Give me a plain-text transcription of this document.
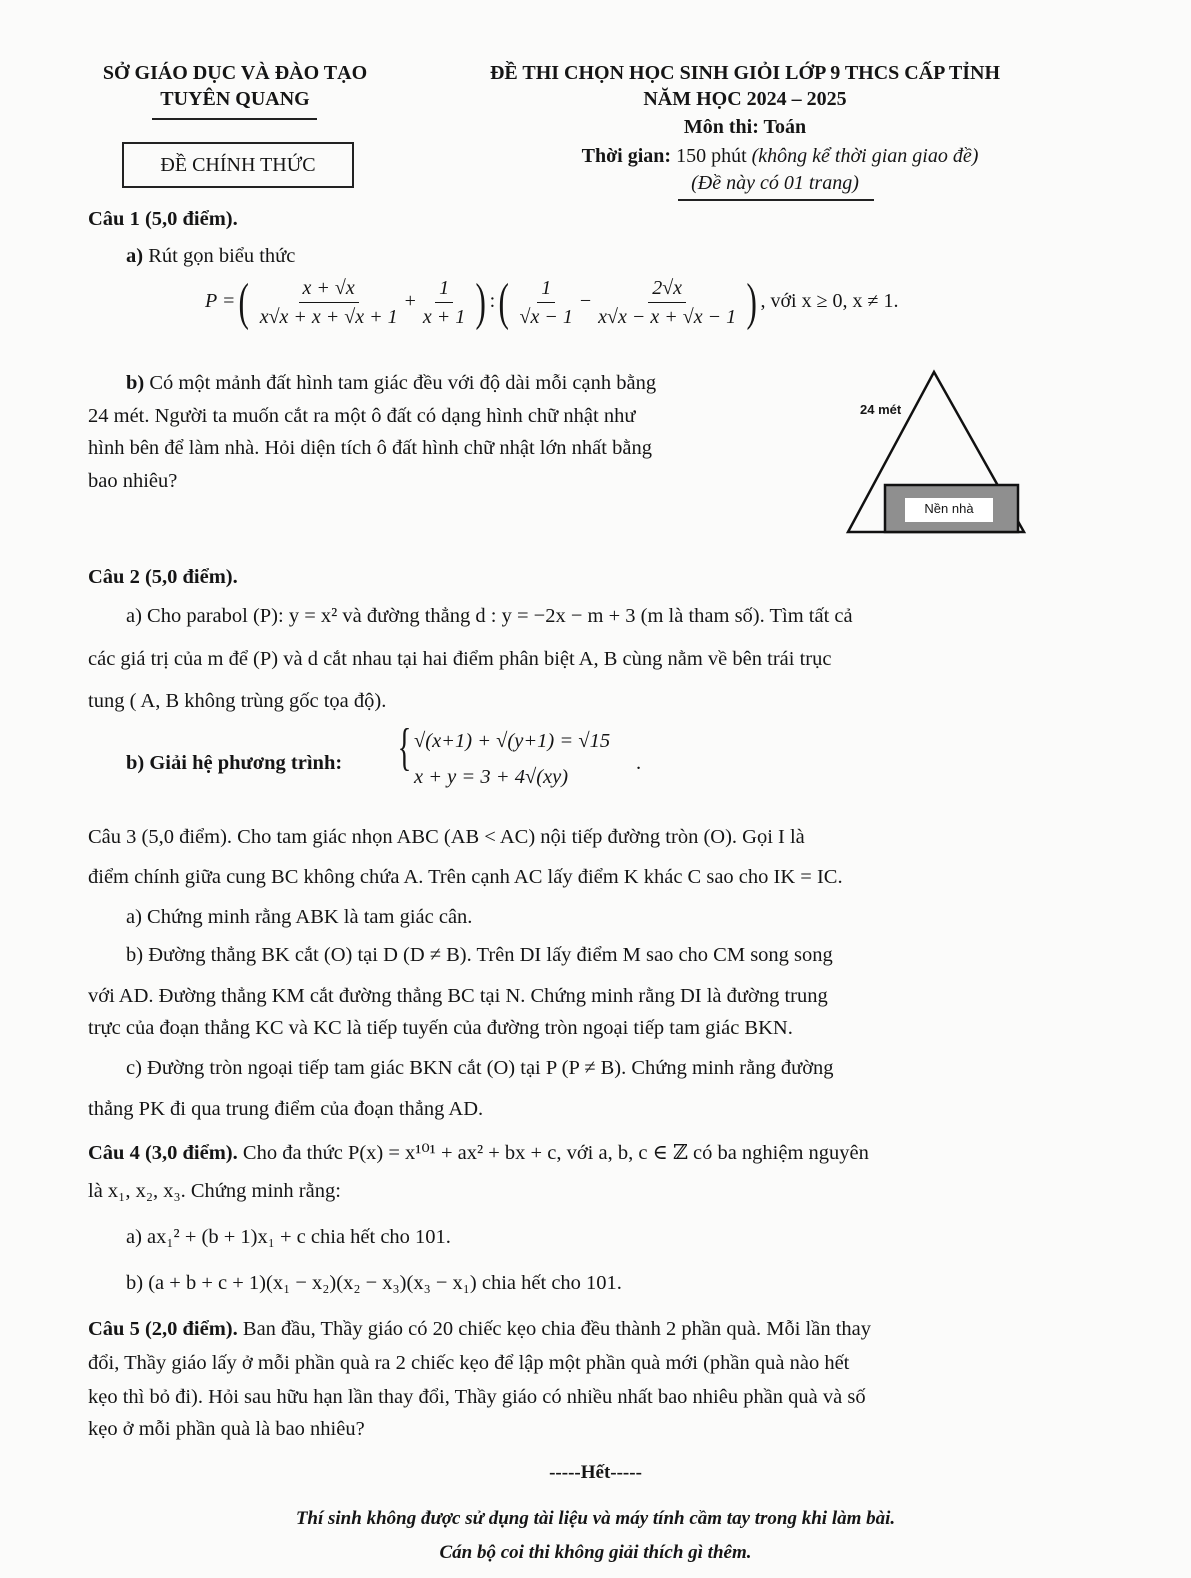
SỞ GIÁO DỤC VÀ ĐÀO TẠO
TUYÊN QUANG
ĐỀ CHÍNH THỨC
ĐỀ THI CHỌN HỌC SINH GIỎI LỚP 9 THCS CẤP TỈNH
NĂM HỌC 2024 – 2025
Môn thi: Toán
Thời gian: 150 phút (không kể thời gian giao đề)
(Đề này có 01 trang)
Câu 1 (5,0 điểm).
a) Rút gọn biểu thức
P =( $\frac{x + √x}{x√x + x + √x + 1} + \frac{1}{x + 1}$ ) :( $\frac{1}{√x - 1} - \frac{2√x}{x√x - x + √x - 1}$ ) , với x ≥ 0, x ≠ 1.
b) Có một mảnh đất hình tam giác đều với độ dài mỗi cạnh bằng
24 mét. Người ta muốn cắt ra một ô đất có dạng hình chữ nhật như
hình bên để làm nhà. Hỏi diện tích ô đất hình chữ nhật lớn nhất bằng
bao nhiêu?
24 mét
Nền nhà
Câu 2 (5,0 điểm).
a) Cho parabol (P): y = x² và đường thẳng d : y = −2x − m + 3 (m là tham số). Tìm tất cả
các giá trị của m để (P) và d cắt nhau tại hai điểm phân biệt A, B cùng nằm về bên trái trục
tung ( A, B không trùng gốc tọa độ).
b) Giải hệ phương trình: { √(x+1) + √(y+1) = √15
x + y = 3 + 4√(xy)
.
Câu 3 (5,0 điểm). Cho tam giác nhọn ABC (AB < AC) nội tiếp đường tròn (O). Gọi I là
điểm chính giữa cung BC không chứa A. Trên cạnh AC lấy điểm K khác C sao cho IK = IC.
a) Chứng minh rằng ABK là tam giác cân.
b) Đường thẳng BK cắt (O) tại D (D ≠ B). Trên DI lấy điểm M sao cho CM song song
với AD. Đường thẳng KM cắt đường thẳng BC tại N. Chứng minh rằng DI là đường trung
trực của đoạn thẳng KC và KC là tiếp tuyến của đường tròn ngoại tiếp tam giác BKN.
c) Đường tròn ngoại tiếp tam giác BKN cắt (O) tại P (P ≠ B). Chứng minh rằng đường
thẳng PK đi qua trung điểm của đoạn thẳng AD.
Câu 4 (3,0 điểm). Cho đa thức P(x) = x¹⁰¹ + ax² + bx + c, với a, b, c ∈ ℤ có ba nghiệm nguyên
là x₁, x₂, x₃. Chứng minh rằng:
a) ax₁² + (b + 1)x₁ + c chia hết cho 101.
b) (a + b + c + 1)(x₁ − x₂)(x₂ − x₃)(x₃ − x₁) chia hết cho 101.
Câu 5 (2,0 điểm). Ban đầu, Thầy giáo có 20 chiếc kẹo chia đều thành 2 phần quà. Mỗi lần thay
đổi, Thầy giáo lấy ở mỗi phần quà ra 2 chiếc kẹo để lập một phần quà mới (phần quà nào hết
kẹo thì bỏ đi). Hỏi sau hữu hạn lần thay đổi, Thầy giáo có nhiều nhất bao nhiêu phần quà và số
kẹo ở mỗi phần quà là bao nhiêu?
-----Hết-----
Thí sinh không được sử dụng tài liệu và máy tính cầm tay trong khi làm bài.
Cán bộ coi thi không giải thích gì thêm.
